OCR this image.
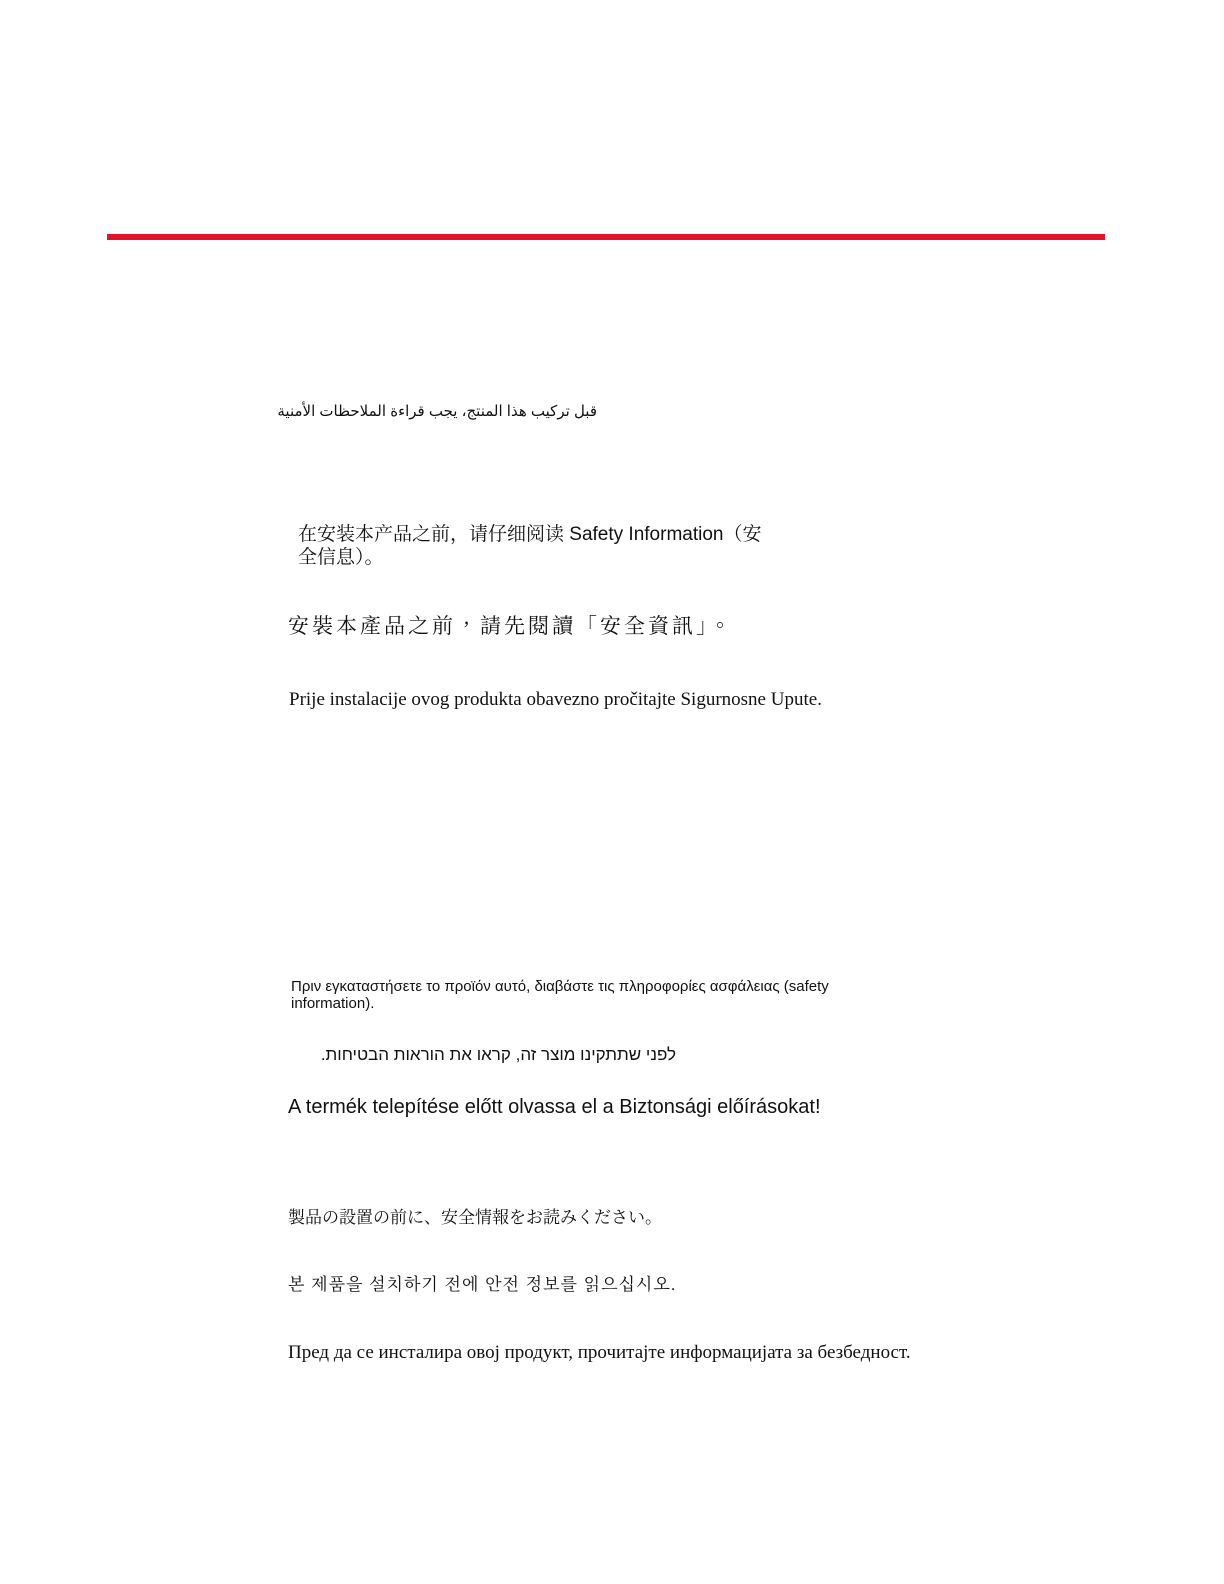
قبل تركيب هذا المنتج، يجب قراءة الملاحظات الأمنية

在安装本产品之前，请仔细阅读 Safety Information（安全信息）。

安裝本產品之前，請先閱讀「安全資訊」。

Prije instalacije ovog produkta obavezno pročitajte Sigurnosne Upute.

Πριν εγκαταστήσετε το προϊόν αυτό, διαβάστε τις πληροφορίες ασφάλειας (safety information).

לפני שתתקינו מוצר זה, קראו את הוראות הבטיחות.

A termék telepítése előtt olvassa el a Biztonsági előírásokat!

製品の設置の前に、安全情報をお読みください。

본 제품을 설치하기 전에 안전 정보를 읽으십시오.

Пред да се инсталира овој продукт, прочитајте информацијата за безбедност.
